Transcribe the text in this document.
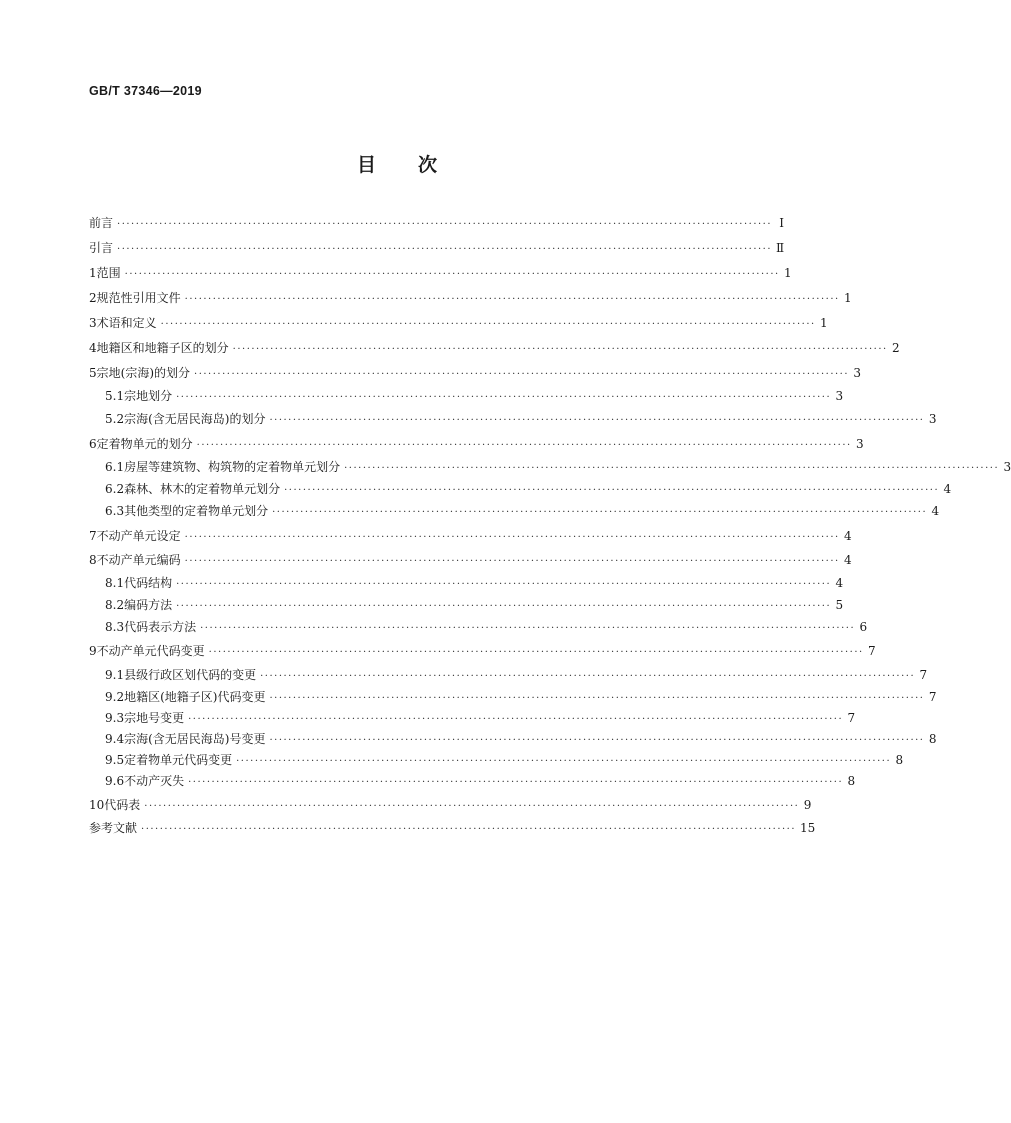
GB/T 37346—2019
目 次
前言 ············································································································································ Ⅰ
引言 ············································································································································ Ⅱ
1 范围 ············································································································································ 1
2 规范性引用文件 ············································································································································ 1
3 术语和定义 ············································································································································ 1
4 地籍区和地籍子区的划分 ············································································································································ 2
5 宗地(宗海)的划分 ············································································································································ 3
5.1 宗地划分 ············································································································································ 3
5.2 宗海(含无居民海岛)的划分 ············································································································································ 3
6 定着物单元的划分 ············································································································································ 3
6.1 房屋等建筑物、构筑物的定着物单元划分 ············································································································································ 3
6.2 森林、林木的定着物单元划分 ············································································································································ 4
6.3 其他类型的定着物单元划分 ············································································································································ 4
7 不动产单元设定 ············································································································································ 4
8 不动产单元编码 ············································································································································ 4
8.1 代码结构 ············································································································································ 4
8.2 编码方法 ············································································································································ 5
8.3 代码表示方法 ············································································································································ 6
9 不动产单元代码变更 ············································································································································ 7
9.1 县级行政区划代码的变更 ············································································································································ 7
9.2 地籍区(地籍子区)代码变更 ············································································································································ 7
9.3 宗地号变更 ············································································································································ 7
9.4 宗海(含无居民海岛)号变更 ············································································································································ 8
9.5 定着物单元代码变更 ············································································································································ 8
9.6 不动产灭失 ············································································································································ 8
10 代码表 ············································································································································ 9
参考文献 ············································································································································ 15
